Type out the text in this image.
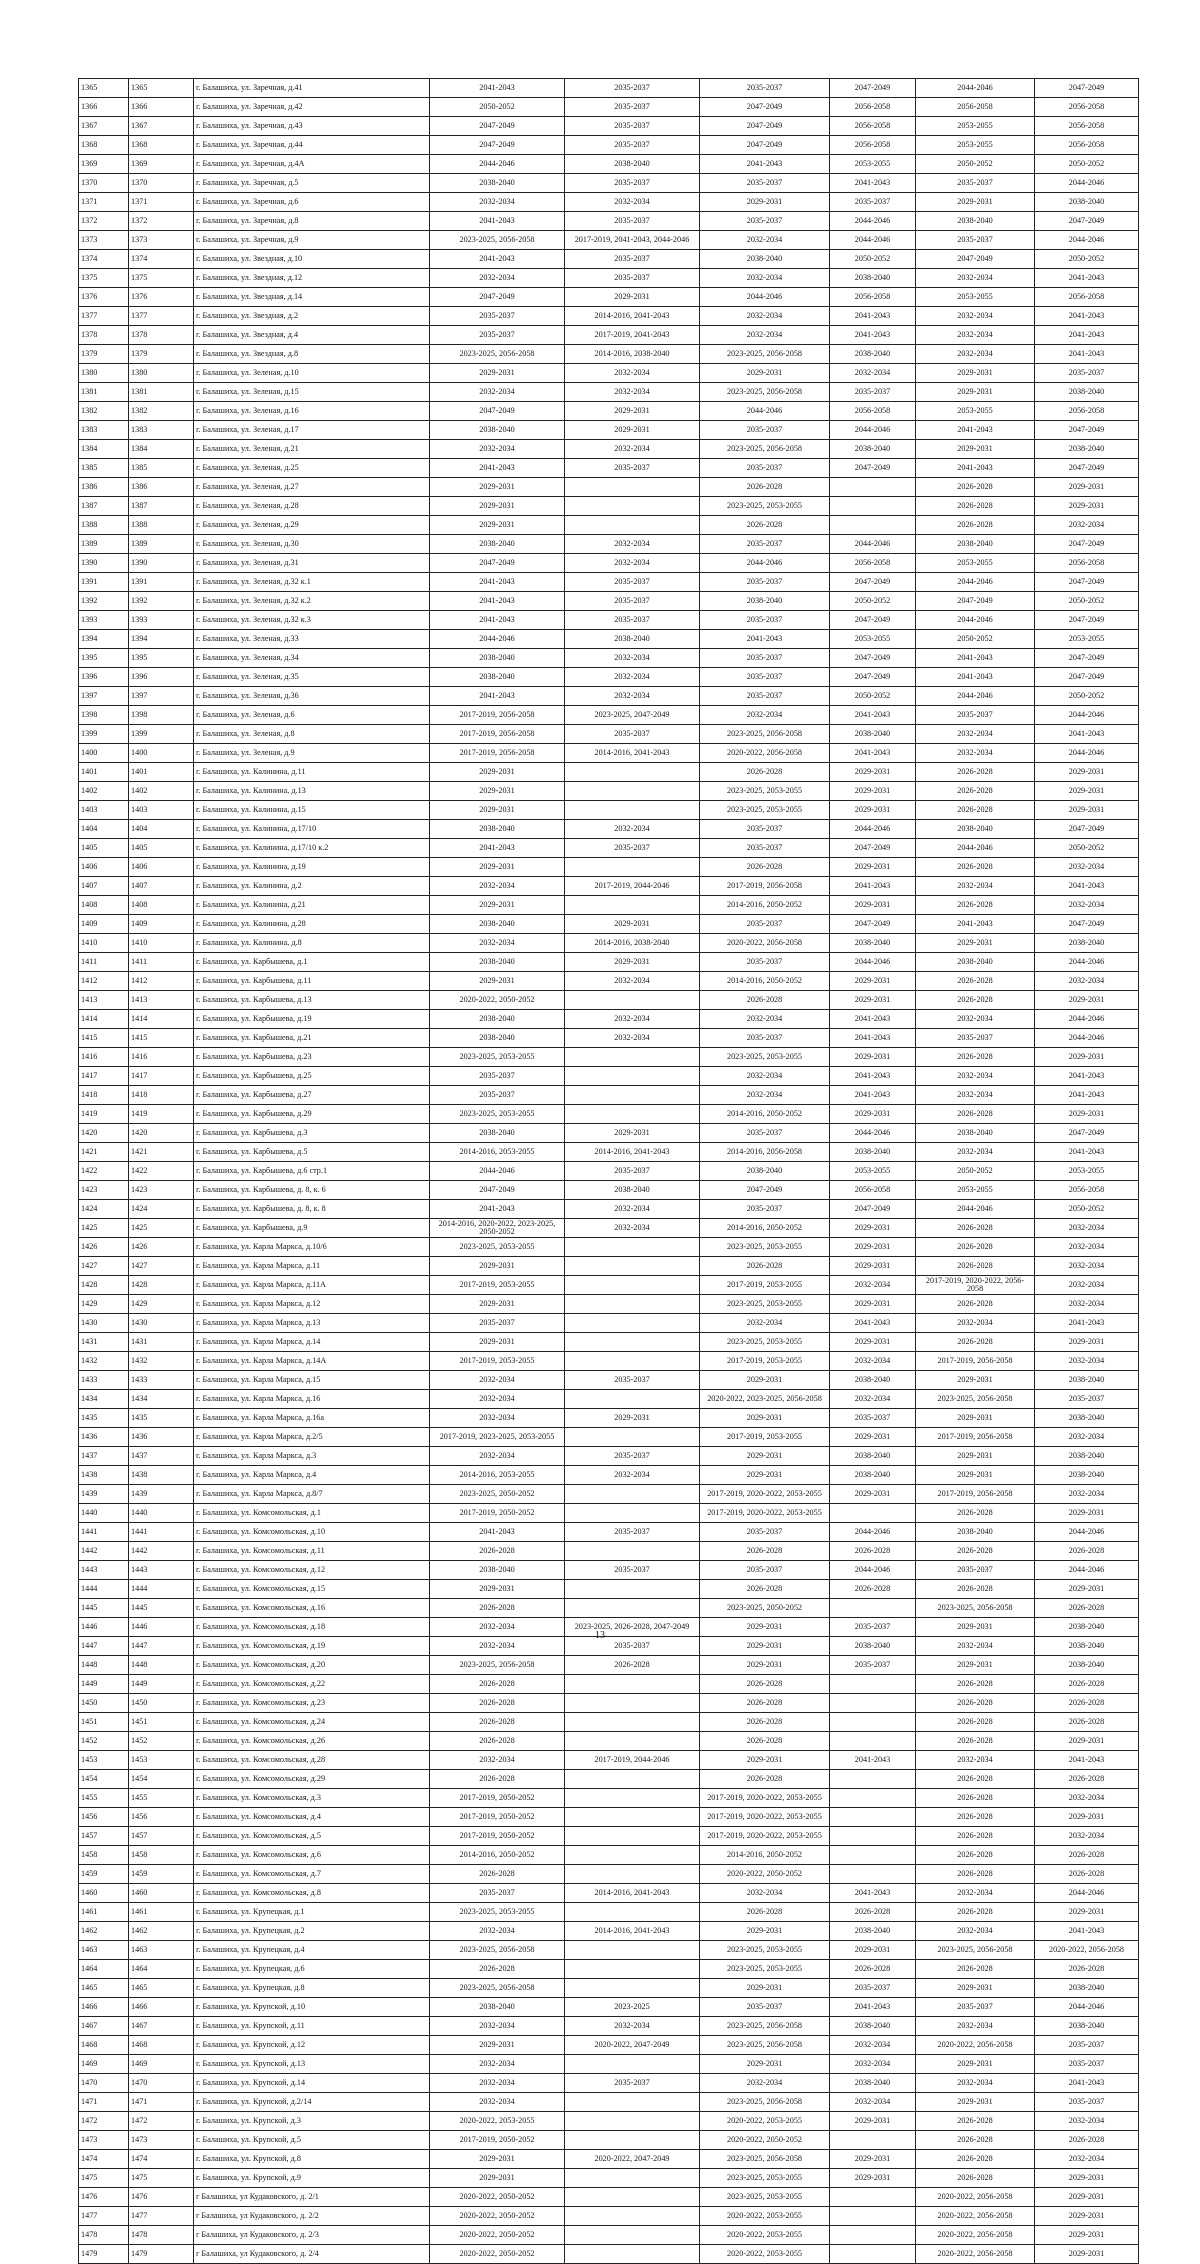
1365	1365	г. Балашиха, ул. Заречная, д.41	2041-2043	2035-2037	2035-2037	2047-2049	2044-2046	2047-2049
1366	1366	г. Балашиха, ул. Заречная, д.42	2050-2052	2035-2037	2047-2049	2056-2058	2056-2058	2056-2058
1367	1367	г. Балашиха, ул. Заречная, д.43	2047-2049	2035-2037	2047-2049	2056-2058	2053-2055	2056-2058
1368	1368	г. Балашиха, ул. Заречная, д.44	2047-2049	2035-2037	2047-2049	2056-2058	2053-2055	2056-2058
1369	1369	г. Балашиха, ул. Заречная, д.4А	2044-2046	2038-2040	2041-2043	2053-2055	2050-2052	2050-2052
1370	1370	г. Балашиха, ул. Заречная, д.5	2038-2040	2035-2037	2035-2037	2041-2043	2035-2037	2044-2046
1371	1371	г. Балашиха, ул. Заречная, д.6	2032-2034	2032-2034	2029-2031	2035-2037	2029-2031	2038-2040
1372	1372	г. Балашиха, ул. Заречная, д.8	2041-2043	2035-2037	2035-2037	2044-2046	2038-2040	2047-2049
1373	1373	г. Балашиха, ул. Заречная, д.9	2023-2025, 2056-2058	2017-2019, 2041-2043, 2044-2046	2032-2034	2044-2046	2035-2037	2044-2046
1374	1374	г. Балашиха, ул. Звездная, д.10	2041-2043	2035-2037	2038-2040	2050-2052	2047-2049	2050-2052
1375	1375	г. Балашиха, ул. Звездная, д.12	2032-2034	2035-2037	2032-2034	2038-2040	2032-2034	2041-2043
1376	1376	г. Балашиха, ул. Звездная, д.14	2047-2049	2029-2031	2044-2046	2056-2058	2053-2055	2056-2058
1377	1377	г. Балашиха, ул. Звездная, д.2	2035-2037	2014-2016, 2041-2043	2032-2034	2041-2043	2032-2034	2041-2043
1378	1378	г. Балашиха, ул. Звездная, д.4	2035-2037	2017-2019, 2041-2043	2032-2034	2041-2043	2032-2034	2041-2043
1379	1379	г. Балашиха, ул. Звездная, д.8	2023-2025, 2056-2058	2014-2016, 2038-2040	2023-2025, 2056-2058	2038-2040	2032-2034	2041-2043
1380	1380	г. Балашиха, ул. Зеленая, д.10	2029-2031	2032-2034	2029-2031	2032-2034	2029-2031	2035-2037
1381	1381	г. Балашиха, ул. Зеленая, д.15	2032-2034	2032-2034	2023-2025, 2056-2058	2035-2037	2029-2031	2038-2040
1382	1382	г. Балашиха, ул. Зеленая, д.16	2047-2049	2029-2031	2044-2046	2056-2058	2053-2055	2056-2058
1383	1383	г. Балашиха, ул. Зеленая, д.17	2038-2040	2029-2031	2035-2037	2044-2046	2041-2043	2047-2049
1384	1384	г. Балашиха, ул. Зеленая, д.21	2032-2034	2032-2034	2023-2025, 2056-2058	2038-2040	2029-2031	2038-2040
1385	1385	г. Балашиха, ул. Зеленая, д.25	2041-2043	2035-2037	2035-2037	2047-2049	2041-2043	2047-2049
1386	1386	г. Балашиха, ул. Зеленая, д.27	2029-2031		2026-2028		2026-2028	2029-2031
1387	1387	г. Балашиха, ул. Зеленая, д.28	2029-2031		2023-2025, 2053-2055		2026-2028	2029-2031
1388	1388	г. Балашиха, ул. Зеленая, д.29	2029-2031		2026-2028		2026-2028	2032-2034
1389	1389	г. Балашиха, ул. Зеленая, д.30	2038-2040	2032-2034	2035-2037	2044-2046	2038-2040	2047-2049
1390	1390	г. Балашиха, ул. Зеленая, д.31	2047-2049	2032-2034	2044-2046	2056-2058	2053-2055	2056-2058
1391	1391	г. Балашиха, ул. Зеленая, д.32 к.1	2041-2043	2035-2037	2035-2037	2047-2049	2044-2046	2047-2049
1392	1392	г. Балашиха, ул. Зеленая, д.32 к.2	2041-2043	2035-2037	2038-2040	2050-2052	2047-2049	2050-2052
1393	1393	г. Балашиха, ул. Зеленая, д.32 к.3	2041-2043	2035-2037	2035-2037	2047-2049	2044-2046	2047-2049
1394	1394	г. Балашиха, ул. Зеленая, д.33	2044-2046	2038-2040	2041-2043	2053-2055	2050-2052	2053-2055
1395	1395	г. Балашиха, ул. Зеленая, д.34	2038-2040	2032-2034	2035-2037	2047-2049	2041-2043	2047-2049
1396	1396	г. Балашиха, ул. Зеленая, д.35	2038-2040	2032-2034	2035-2037	2047-2049	2041-2043	2047-2049
1397	1397	г. Балашиха, ул. Зеленая, д.36	2041-2043	2032-2034	2035-2037	2050-2052	2044-2046	2050-2052
1398	1398	г. Балашиха, ул. Зеленая, д.6	2017-2019, 2056-2058	2023-2025, 2047-2049	2032-2034	2041-2043	2035-2037	2044-2046
1399	1399	г. Балашиха, ул. Зеленая, д.8	2017-2019, 2056-2058	2035-2037	2023-2025, 2056-2058	2038-2040	2032-2034	2041-2043
1400	1400	г. Балашиха, ул. Зеленая, д.9	2017-2019, 2056-2058	2014-2016, 2041-2043	2020-2022, 2056-2058	2041-2043	2032-2034	2044-2046
1401	1401	г. Балашиха, ул. Калинина, д.11	2029-2031		2026-2028	2029-2031	2026-2028	2029-2031
1402	1402	г. Балашиха, ул. Калинина, д.13	2029-2031		2023-2025, 2053-2055	2029-2031	2026-2028	2029-2031
1403	1403	г. Балашиха, ул. Калинина, д.15	2029-2031		2023-2025, 2053-2055	2029-2031	2026-2028	2029-2031
1404	1404	г. Балашиха, ул. Калинина, д.17/10	2038-2040	2032-2034	2035-2037	2044-2046	2038-2040	2047-2049
1405	1405	г. Балашиха, ул. Калинина, д.17/10 к.2	2041-2043	2035-2037	2035-2037	2047-2049	2044-2046	2050-2052
1406	1406	г. Балашиха, ул. Калинина, д.19	2029-2031		2026-2028	2029-2031	2026-2028	2032-2034
1407	1407	г. Балашиха, ул. Калинина, д.2	2032-2034	2017-2019, 2044-2046	2017-2019, 2056-2058	2041-2043	2032-2034	2041-2043
1408	1408	г. Балашиха, ул. Калинина, д.21	2029-2031		2014-2016, 2050-2052	2029-2031	2026-2028	2032-2034
1409	1409	г. Балашиха, ул. Калинина, д.28	2038-2040	2029-2031	2035-2037	2047-2049	2041-2043	2047-2049
1410	1410	г. Балашиха, ул. Калинина, д.8	2032-2034	2014-2016, 2038-2040	2020-2022, 2056-2058	2038-2040	2029-2031	2038-2040
1411	1411	г. Балашиха, ул. Карбышева, д.1	2038-2040	2029-2031	2035-2037	2044-2046	2038-2040	2044-2046
1412	1412	г. Балашиха, ул. Карбышева, д.11	2029-2031	2032-2034	2014-2016, 2050-2052	2029-2031	2026-2028	2032-2034
1413	1413	г. Балашиха, ул. Карбышева, д.13	2020-2022, 2050-2052		2026-2028	2029-2031	2026-2028	2029-2031
1414	1414	г. Балашиха, ул. Карбышева, д.19	2038-2040	2032-2034	2032-2034	2041-2043	2032-2034	2044-2046
1415	1415	г. Балашиха, ул. Карбышева, д.21	2038-2040	2032-2034	2035-2037	2041-2043	2035-2037	2044-2046
1416	1416	г. Балашиха, ул. Карбышева, д.23	2023-2025, 2053-2055		2023-2025, 2053-2055	2029-2031	2026-2028	2029-2031
1417	1417	г. Балашиха, ул. Карбышева, д.25	2035-2037		2032-2034	2041-2043	2032-2034	2041-2043
1418	1418	г. Балашиха, ул. Карбышева, д.27	2035-2037		2032-2034	2041-2043	2032-2034	2041-2043
1419	1419	г. Балашиха, ул. Карбышева, д.29	2023-2025, 2053-2055		2014-2016, 2050-2052	2029-2031	2026-2028	2029-2031
1420	1420	г. Балашиха, ул. Карбышева, д.3	2038-2040	2029-2031	2035-2037	2044-2046	2038-2040	2047-2049
1421	1421	г. Балашиха, ул. Карбышева, д.5	2014-2016, 2053-2055	2014-2016, 2041-2043	2014-2016, 2056-2058	2038-2040	2032-2034	2041-2043
1422	1422	г. Балашиха, ул. Карбышева, д.6 стр.1	2044-2046	2035-2037	2038-2040	2053-2055	2050-2052	2053-2055
1423	1423	г. Балашиха, ул. Карбышева, д. 8, к. 6	2047-2049	2038-2040	2047-2049	2056-2058	2053-2055	2056-2058
1424	1424	г. Балашиха, ул. Карбышева, д. 8, к. 8	2041-2043	2032-2034	2035-2037	2047-2049	2044-2046	2050-2052
1425	1425	г. Балашиха, ул. Карбышева, д.9	2014-2016, 2020-2022, 2023-2025, 2050-2052	2032-2034	2014-2016, 2050-2052	2029-2031	2026-2028	2032-2034
1426	1426	г. Балашиха, ул. Карла Маркса, д.10/6	2023-2025, 2053-2055		2023-2025, 2053-2055	2029-2031	2026-2028	2032-2034
1427	1427	г. Балашиха, ул. Карла Маркса, д.11	2029-2031		2026-2028	2029-2031	2026-2028	2032-2034
1428	1428	г. Балашиха, ул. Карла Маркса, д.11А	2017-2019, 2053-2055		2017-2019, 2053-2055	2032-2034	2017-2019, 2020-2022, 2056-2058	2032-2034
1429	1429	г. Балашиха, ул. Карла Маркса, д.12	2029-2031		2023-2025, 2053-2055	2029-2031	2026-2028	2032-2034
1430	1430	г. Балашиха, ул. Карла Маркса, д.13	2035-2037		2032-2034	2041-2043	2032-2034	2041-2043
1431	1431	г. Балашиха, ул. Карла Маркса, д.14	2029-2031		2023-2025, 2053-2055	2029-2031	2026-2028	2029-2031
1432	1432	г. Балашиха, ул. Карла Маркса, д.14А	2017-2019, 2053-2055		2017-2019, 2053-2055	2032-2034	2017-2019, 2056-2058	2032-2034
1433	1433	г. Балашиха, ул. Карла Маркса, д.15	2032-2034	2035-2037	2029-2031	2038-2040	2029-2031	2038-2040
1434	1434	г. Балашиха, ул. Карла Маркса, д.16	2032-2034		2020-2022, 2023-2025, 2056-2058	2032-2034	2023-2025, 2056-2058	2035-2037
1435	1435	г. Балашиха, ул. Карла Маркса, д.16а	2032-2034	2029-2031	2029-2031	2035-2037	2029-2031	2038-2040
1436	1436	г. Балашиха, ул. Карла Маркса, д.2/5	2017-2019, 2023-2025, 2053-2055		2017-2019, 2053-2055	2029-2031	2017-2019, 2056-2058	2032-2034
1437	1437	г. Балашиха, ул. Карла Маркса, д.3	2032-2034	2035-2037	2029-2031	2038-2040	2029-2031	2038-2040
1438	1438	г. Балашиха, ул. Карла Маркса, д.4	2014-2016, 2053-2055	2032-2034	2029-2031	2038-2040	2029-2031	2038-2040
1439	1439	г. Балашиха, ул. Карла Маркса, д.8/7	2023-2025, 2050-2052		2017-2019, 2020-2022, 2053-2055	2029-2031	2017-2019, 2056-2058	2032-2034
1440	1440	г. Балашиха, ул. Комсомольская, д.1	2017-2019, 2050-2052		2017-2019, 2020-2022, 2053-2055		2026-2028	2029-2031
1441	1441	г. Балашиха, ул. Комсомольская, д.10	2041-2043	2035-2037	2035-2037	2044-2046	2038-2040	2044-2046
1442	1442	г. Балашиха, ул. Комсомольская, д.11	2026-2028		2026-2028	2026-2028	2026-2028	2026-2028
1443	1443	г. Балашиха, ул. Комсомольская, д.12	2038-2040	2035-2037	2035-2037	2044-2046	2035-2037	2044-2046
1444	1444	г. Балашиха, ул. Комсомольская, д.15	2029-2031		2026-2028	2026-2028	2026-2028	2029-2031
1445	1445	г. Балашиха, ул. Комсомольская, д.16	2026-2028		2023-2025, 2050-2052		2023-2025, 2056-2058	2026-2028
1446	1446	г. Балашиха, ул. Комсомольская, д.18	2032-2034	2023-2025, 2026-2028, 2047-2049	2029-2031	2035-2037	2029-2031	2038-2040
1447	1447	г. Балашиха, ул. Комсомольская, д.19	2032-2034	2035-2037	2029-2031	2038-2040	2032-2034	2038-2040
1448	1448	г. Балашиха, ул. Комсомольская, д.20	2023-2025, 2056-2058	2026-2028	2029-2031	2035-2037	2029-2031	2038-2040
1449	1449	г. Балашиха, ул. Комсомольская, д.22	2026-2028		2026-2028		2026-2028	2026-2028
1450	1450	г. Балашиха, ул. Комсомольская, д.23	2026-2028		2026-2028		2026-2028	2026-2028
1451	1451	г. Балашиха, ул. Комсомольская, д.24	2026-2028		2026-2028		2026-2028	2026-2028
1452	1452	г. Балашиха, ул. Комсомольская, д.26	2026-2028		2026-2028		2026-2028	2029-2031
1453	1453	г. Балашиха, ул. Комсомольская, д.28	2032-2034	2017-2019, 2044-2046	2029-2031	2041-2043	2032-2034	2041-2043
1454	1454	г. Балашиха, ул. Комсомольская, д.29	2026-2028		2026-2028		2026-2028	2026-2028
1455	1455	г. Балашиха, ул. Комсомольская, д.3	2017-2019, 2050-2052		2017-2019, 2020-2022, 2053-2055		2026-2028	2032-2034
1456	1456	г. Балашиха, ул. Комсомольская, д.4	2017-2019, 2050-2052		2017-2019, 2020-2022, 2053-2055		2026-2028	2029-2031
1457	1457	г. Балашиха, ул. Комсомольская, д.5	2017-2019, 2050-2052		2017-2019, 2020-2022, 2053-2055		2026-2028	2032-2034
1458	1458	г. Балашиха, ул. Комсомольская, д.6	2014-2016, 2050-2052		2014-2016, 2050-2052		2026-2028	2026-2028
1459	1459	г. Балашиха, ул. Комсомольская, д.7	2026-2028		2020-2022, 2050-2052		2026-2028	2026-2028
1460	1460	г. Балашиха, ул. Комсомольская, д.8	2035-2037	2014-2016, 2041-2043	2032-2034	2041-2043	2032-2034	2044-2046
1461	1461	г. Балашиха, ул. Крупецкая, д.1	2023-2025, 2053-2055		2026-2028	2026-2028	2026-2028	2029-2031
1462	1462	г. Балашиха, ул. Крупецкая, д.2	2032-2034	2014-2016, 2041-2043	2029-2031	2038-2040	2032-2034	2041-2043
1463	1463	г. Балашиха, ул. Крупецкая, д.4	2023-2025, 2056-2058		2023-2025, 2053-2055	2029-2031	2023-2025, 2056-2058	2020-2022, 2056-2058
1464	1464	г. Балашиха, ул. Крупецкая, д.6	2026-2028		2023-2025, 2053-2055	2026-2028	2026-2028	2026-2028
1465	1465	г. Балашиха, ул. Крупецкая, д.8	2023-2025, 2056-2058		2029-2031	2035-2037	2029-2031	2038-2040
1466	1466	г. Балашиха, ул. Крупской, д.10	2038-2040	2023-2025	2035-2037	2041-2043	2035-2037	2044-2046
1467	1467	г. Балашиха, ул. Крупской, д.11	2032-2034	2032-2034	2023-2025, 2056-2058	2038-2040	2032-2034	2038-2040
1468	1468	г. Балашиха, ул. Крупской, д.12	2029-2031	2020-2022, 2047-2049	2023-2025, 2056-2058	2032-2034	2020-2022, 2056-2058	2035-2037
1469	1469	г. Балашиха, ул. Крупской, д.13	2032-2034		2029-2031	2032-2034	2029-2031	2035-2037
1470	1470	г. Балашиха, ул. Крупской, д.14	2032-2034	2035-2037	2032-2034	2038-2040	2032-2034	2041-2043
1471	1471	г. Балашиха, ул. Крупской, д.2/14	2032-2034		2023-2025, 2056-2058	2032-2034	2029-2031	2035-2037
1472	1472	г. Балашиха, ул. Крупской, д.3	2020-2022, 2053-2055		2020-2022, 2053-2055	2029-2031	2026-2028	2032-2034
1473	1473	г. Балашиха, ул. Крупской, д.5	2017-2019, 2050-2052		2020-2022, 2050-2052		2026-2028	2026-2028
1474	1474	г. Балашиха, ул. Крупской, д.8	2029-2031	2020-2022, 2047-2049	2023-2025, 2056-2058	2029-2031	2026-2028	2032-2034
1475	1475	г. Балашиха, ул. Крупской, д.9	2029-2031		2023-2025, 2053-2055	2029-2031	2026-2028	2029-2031
1476	1476	г Балашиха, ул Кудаковского, д. 2/1	2020-2022, 2050-2052		2023-2025, 2053-2055		2020-2022, 2056-2058	2029-2031
1477	1477	г Балашиха, ул Кудаковского, д. 2/2	2020-2022, 2050-2052		2020-2022, 2053-2055		2020-2022, 2056-2058	2029-2031
1478	1478	г Балашиха, ул Кудаковского, д. 2/3	2020-2022, 2050-2052		2020-2022, 2053-2055		2020-2022, 2056-2058	2029-2031
1479	1479	г Балашиха, ул Кудаковского, д. 2/4	2020-2022, 2050-2052		2020-2022, 2053-2055		2020-2022, 2056-2058	2029-2031
13
